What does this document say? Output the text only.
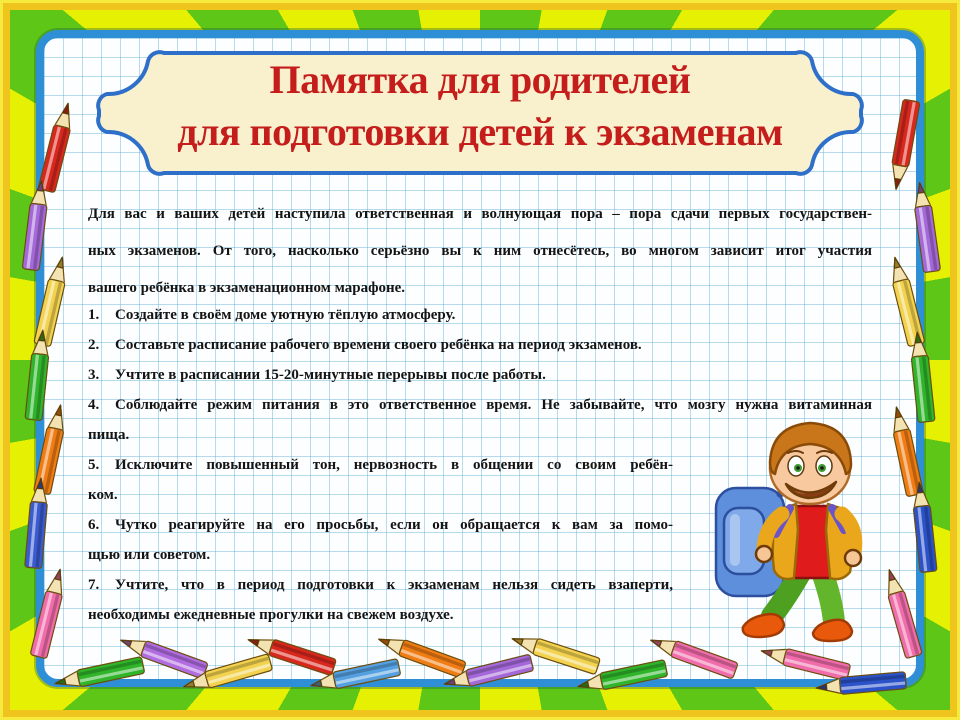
Памятка для родителей
для подготовки детей к экзаменам
Для вас и ваших детей наступила ответственная и волнующая пора – пора сдачи первых государствен-
ных экзаменов. От того, насколько серьёзно вы к ним отнесётесь, во многом зависит итог участия
вашего ребёнка в экзаменационном марафоне.
1.	Создайте в своём доме уютную тёплую атмосферу.
2.	Составьте расписание рабочего времени своего ребёнка на период экзаменов.
3.	Учтите в расписании 15-20-минутные перерывы после работы.
4.	Соблюдайте режим питания в это ответственное время. Не забывайте, что мозгу нужна витаминная
пища.
5.	Исключите повышенный тон, нервозность в общении со своим ребён-
ком.
6.	Чутко реагируйте на его просьбы, если он обращается к вам за помо-
щью или советом.
7.	Учтите, что в период подготовки к экзаменам нельзя сидеть взаперти,
необходимы ежедневные прогулки на свежем воздухе.
